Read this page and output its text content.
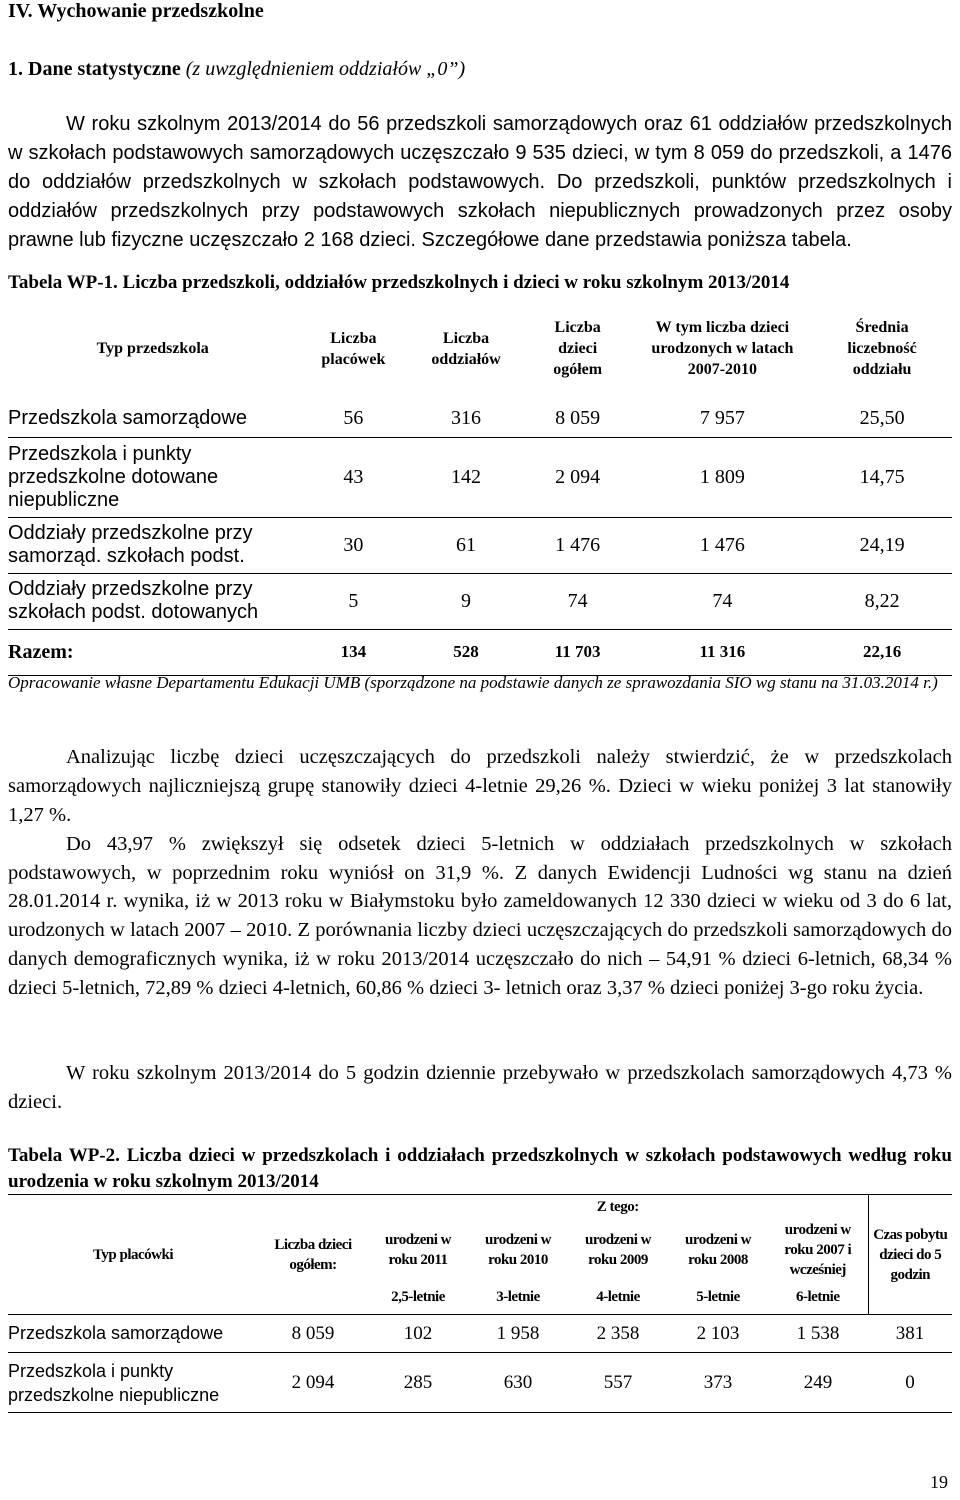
IV. Wychowanie przedszkolne
1. Dane statystyczne (z uwzględnieniem oddziałów „0”)

W roku szkolnym 2013/2014 do 56 przedszkoli samorządowych oraz 61 oddziałów przedszkolnych w szkołach podstawowych samorządowych uczęszczało 9 535 dzieci, w tym 8 059 do przedszkoli, a 1476 do oddziałów przedszkolnych w szkołach podstawowych. Do przedszkoli, punktów przedszkolnych i oddziałów przedszkolnych przy podstawowych szkołach niepublicznych prowadzonych przez osoby prawne lub fizyczne uczęszczało 2 168 dzieci. Szczegółowe dane przedstawia poniższa tabela.

Tabela WP-1. Liczba przedszkoli, oddziałów przedszkolnych i dzieci w roku szkolnym 2013/2014

Typ przedszkola	Liczba placówek	Liczba oddziałów	Liczba dzieci ogółem	W tym liczba dzieci urodzonych w latach 2007-2010	Średnia liczebność oddziału
Przedszkola samorządowe	56	316	8 059	7 957	25,50
Przedszkola i punkty przedszkolne dotowane niepubliczne	43	142	2 094	1 809	14,75
Oddziały przedszkolne przy samorząd. szkołach podst.	30	61	1 476	1 476	24,19
Oddziały przedszkolne przy szkołach podst. dotowanych	5	9	74	74	8,22
Razem:	134	528	11 703	11 316	22,16

Opracowanie własne Departamentu Edukacji UMB (sporządzone na podstawie danych ze sprawozdania SIO wg stanu na 31.03.2014 r.)

Analizując liczbę dzieci uczęszczających do przedszkoli należy stwierdzić, że w przedszkolach samorządowych najliczniejszą grupę stanowiły dzieci 4-letnie 29,26 %. Dzieci w wieku poniżej 3 lat stanowiły 1,27 %.

Do 43,97 % zwiększył się odsetek dzieci 5-letnich w oddziałach przedszkolnych w szkołach podstawowych, w poprzednim roku wyniósł on 31,9 %. Z danych Ewidencji Ludności wg stanu na dzień 28.01.2014 r. wynika, iż w 2013 roku w Białymstoku było zameldowanych 12 330 dzieci w wieku od 3 do 6 lat, urodzonych w latach 2007 – 2010. Z porównania liczby dzieci uczęszczających do przedszkoli samorządowych do danych demograficznych wynika, iż w roku 2013/2014 uczęszczało do nich – 54,91 % dzieci 6-letnich, 68,34 % dzieci 5-letnich, 72,89 % dzieci 4-letnich, 60,86 % dzieci 3- letnich oraz 3,37 % dzieci poniżej 3-go roku życia.

W roku szkolnym 2013/2014 do 5 godzin dziennie przebywało w przedszkolach samorządowych 4,73 % dzieci.

Tabela WP-2. Liczba dzieci w przedszkolach i oddziałach przedszkolnych w szkołach podstawowych według roku urodzenia w roku szkolnym 2013/2014

Typ placówki	Liczba dzieci ogółem:	Z tego:					Czas pobytu dzieci do 5 godzin
		urodzeni w roku 2011	urodzeni w roku 2010	urodzeni w roku 2009	urodzeni w roku 2008	urodzeni w roku 2007 i wcześniej	
		2,5-letnie	3-letnie	4-letnie	5-letnie	6-letnie	
Przedszkola samorządowe	8 059	102	1 958	2 358	2 103	1 538	381
Przedszkola i punkty przedszkolne niepubliczne	2 094	285	630	557	373	249	0
19
